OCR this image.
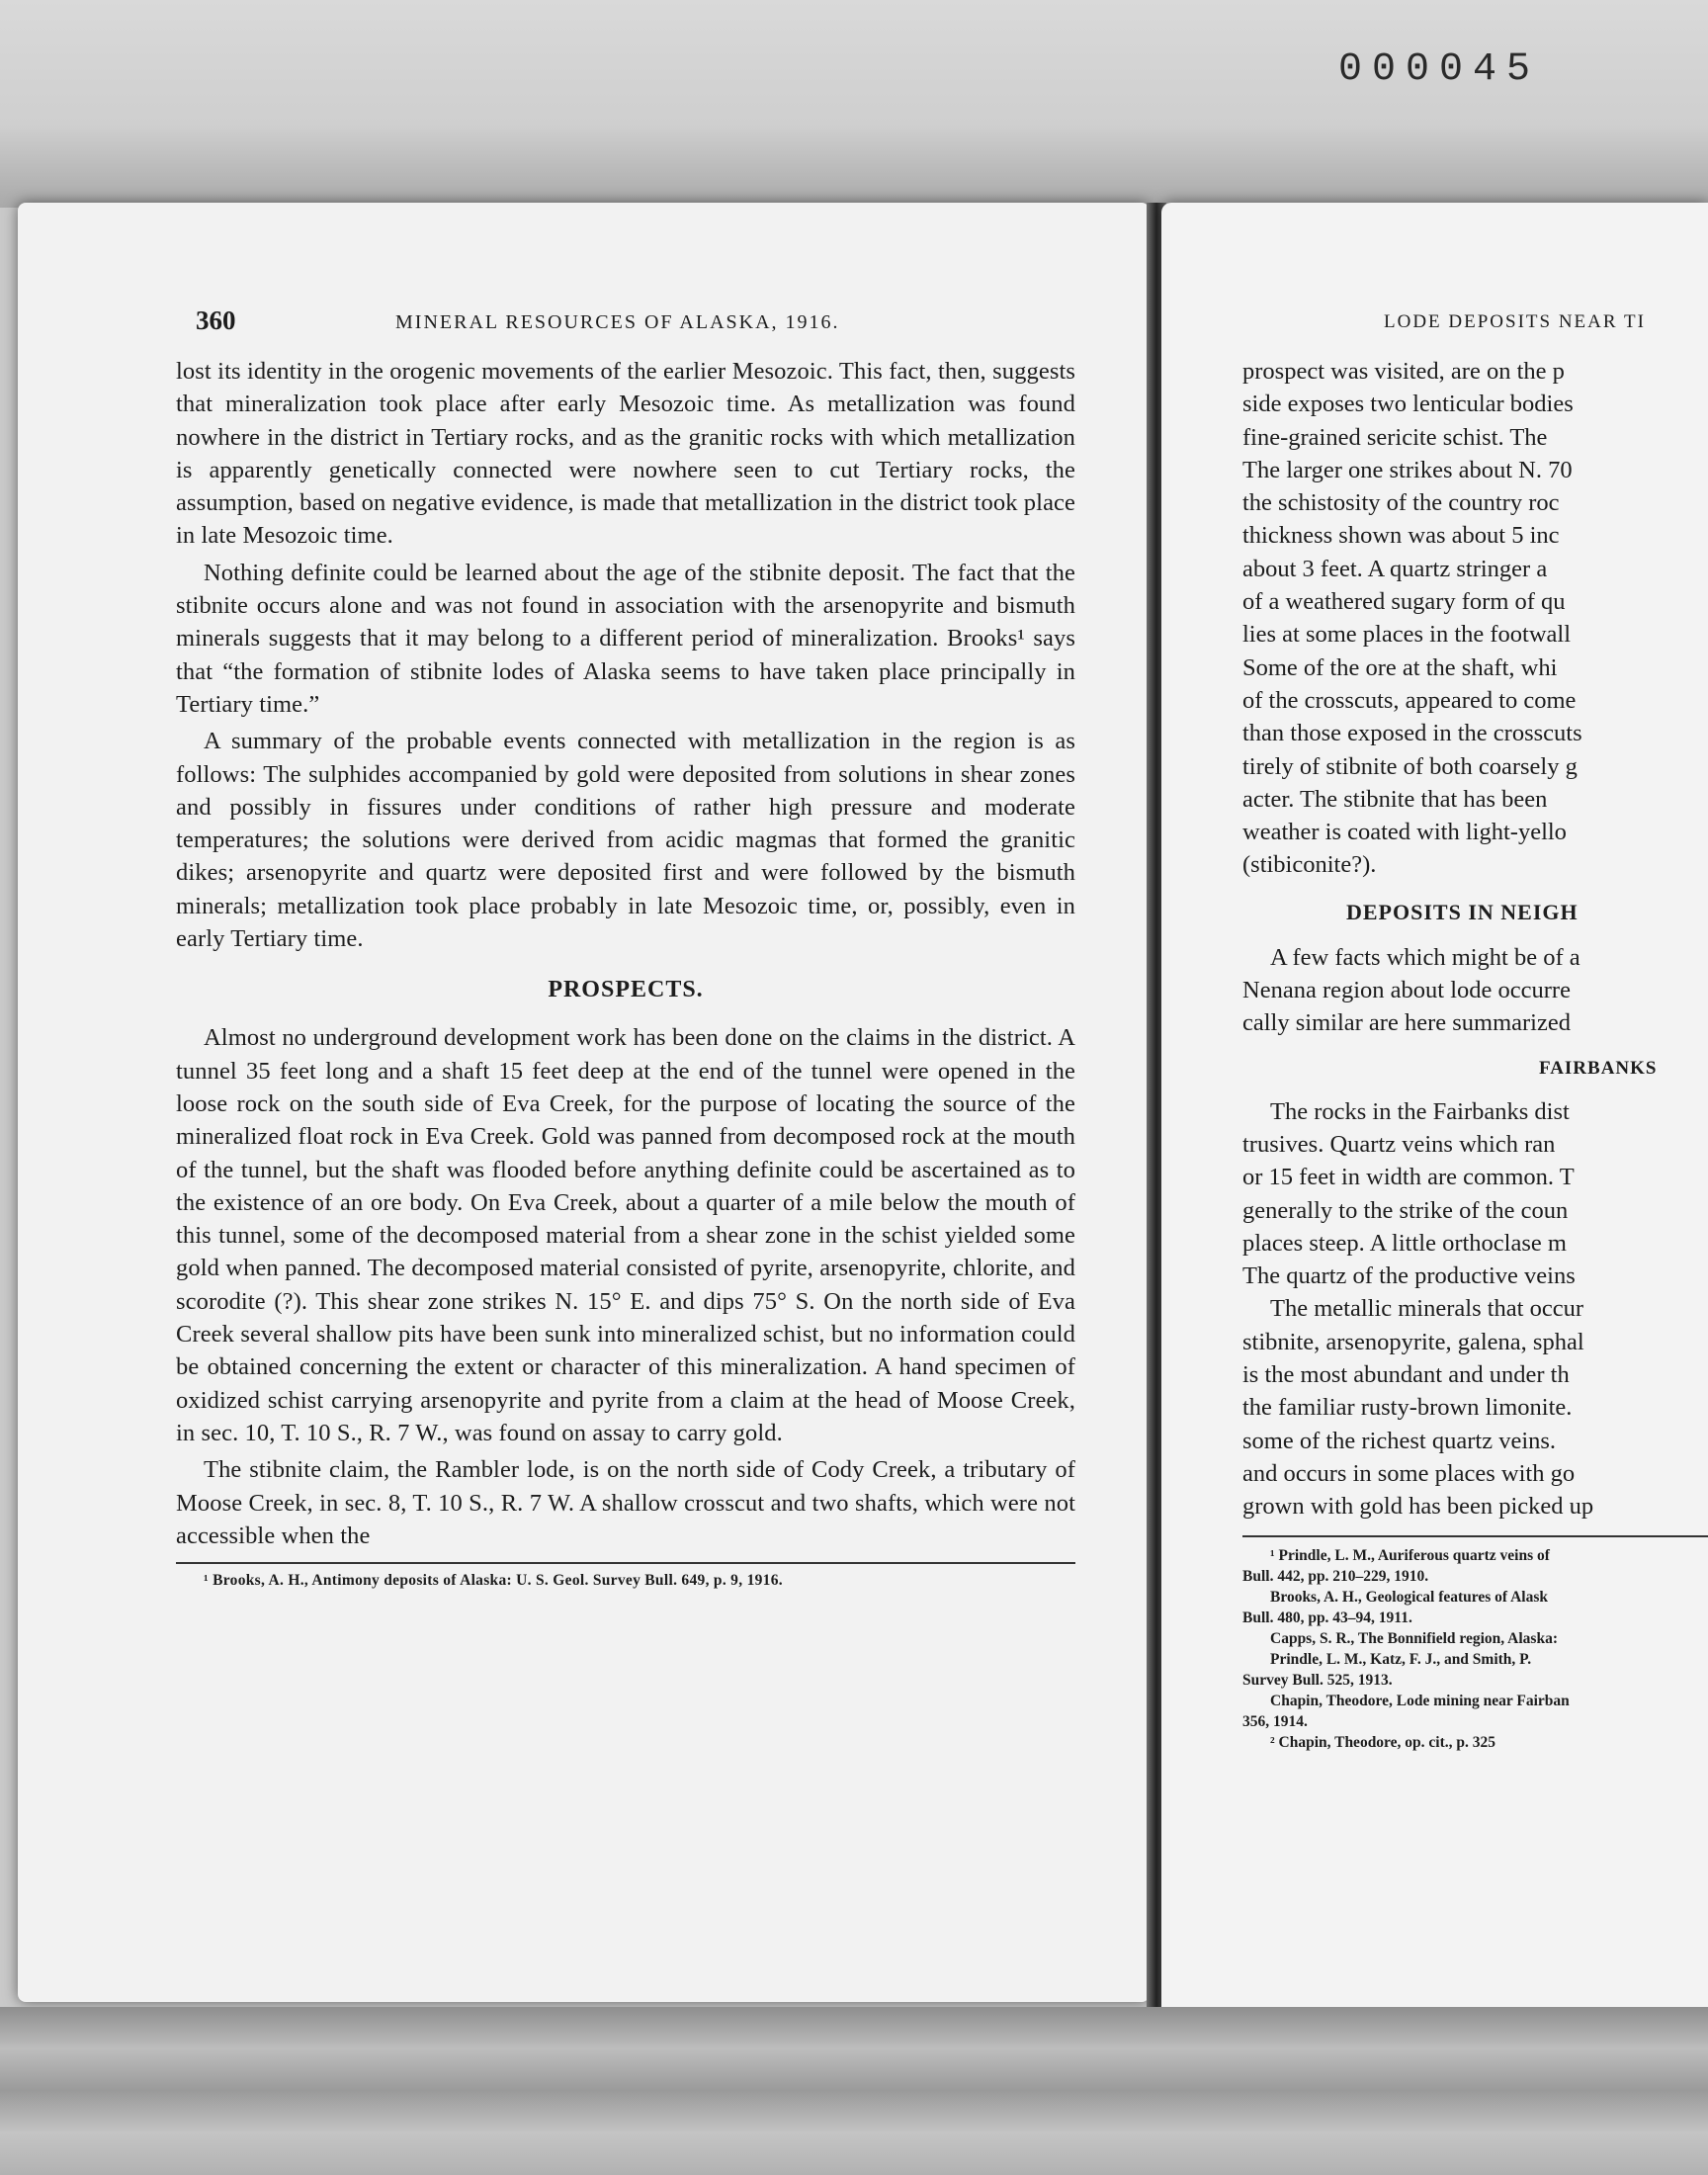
000045
360	MINERAL RESOURCES OF ALASKA, 1916.

lost its identity in the orogenic movements of the earlier Mesozoic. This fact, then, suggests that mineralization took place after early Mesozoic time. As metallization was found nowhere in the district in Tertiary rocks, and as the granitic rocks with which metallization is apparently genetically connected were nowhere seen to cut Tertiary rocks, the assumption, based on negative evidence, is made that metallization in the district took place in late Mesozoic time.

Nothing definite could be learned about the age of the stibnite deposit. The fact that the stibnite occurs alone and was not found in association with the arsenopyrite and bismuth minerals suggests that it may belong to a different period of mineralization. Brooks¹ says that “the formation of stibnite lodes of Alaska seems to have taken place principally in Tertiary time.”

A summary of the probable events connected with metallization in the region is as follows: The sulphides accompanied by gold were deposited from solutions in shear zones and possibly in fissures under conditions of rather high pressure and moderate temperatures; the solutions were derived from acidic magmas that formed the granitic dikes; arsenopyrite and quartz were deposited first and were followed by the bismuth minerals; metallization took place probably in late Mesozoic time, or, possibly, even in early Tertiary time.

PROSPECTS.

Almost no underground development work has been done on the claims in the district. A tunnel 35 feet long and a shaft 15 feet deep at the end of the tunnel were opened in the loose rock on the south side of Eva Creek, for the purpose of locating the source of the mineralized float rock in Eva Creek. Gold was panned from decomposed rock at the mouth of the tunnel, but the shaft was flooded before anything definite could be ascertained as to the existence of an ore body. On Eva Creek, about a quarter of a mile below the mouth of this tunnel, some of the decomposed material from a shear zone in the schist yielded some gold when panned. The decomposed material consisted of pyrite, arsenopyrite, chlorite, and scorodite (?). This shear zone strikes N. 15° E. and dips 75° S. On the north side of Eva Creek several shallow pits have been sunk into mineralized schist, but no information could be obtained concerning the extent or character of this mineralization. A hand specimen of oxidized schist carrying arsenopyrite and pyrite from a claim at the head of Moose Creek, in sec. 10, T. 10 S., R. 7 W., was found on assay to carry gold.

The stibnite claim, the Rambler lode, is on the north side of Cody Creek, a tributary of Moose Creek, in sec. 8, T. 10 S., R. 7 W. A shallow crosscut and two shafts, which were not accessible when the

¹ Brooks, A. H., Antimony deposits of Alaska: U. S. Geol. Survey Bull. 649, p. 9, 1916.
LODE DEPOSITS NEAR TI
prospect was visited, are on the p
side exposes two lenticular bodies
fine-grained sericite schist. The
The larger one strikes about N. 70
the schistosity of the country roc
thickness shown was about 5 inc
about 3 feet. A quartz stringer a
of a weathered sugary form of qu
lies at some places in the footwall
Some of the ore at the shaft, whi
of the crosscuts, appeared to come
than those exposed in the crosscuts
tirely of stibnite of both coarsely g
acter. The stibnite that has been
weather is coated with light-yello
(stibiconite?).
DEPOSITS IN NEIGH
A few facts which might be of a
Nenana region about lode occurre
cally similar are here summarized
FAIRBANKS
The rocks in the Fairbanks dist
trusives. Quartz veins which ran
or 15 feet in width are common. T
generally to the strike of the coun
places steep. A little orthoclase m
The quartz of the productive veins
The metallic minerals that occur
stibnite, arsenopyrite, galena, sphal
is the most abundant and under th
the familiar rusty-brown limonite.
some of the richest quartz veins.
and occurs in some places with go
grown with gold has been picked up
¹ Prindle, L. M., Auriferous quartz veins of
Bull. 442, pp. 210–229, 1910.
Brooks, A. H., Geological features of Alask
Bull. 480, pp. 43–94, 1911.
Capps, S. R., The Bonnifield region, Alaska:
Prindle, L. M., Katz, F. J., and Smith, P.
Survey Bull. 525, 1913.
Chapin, Theodore, Lode mining near Fairban
356, 1914.
² Chapin, Theodore, op. cit., p. 325
